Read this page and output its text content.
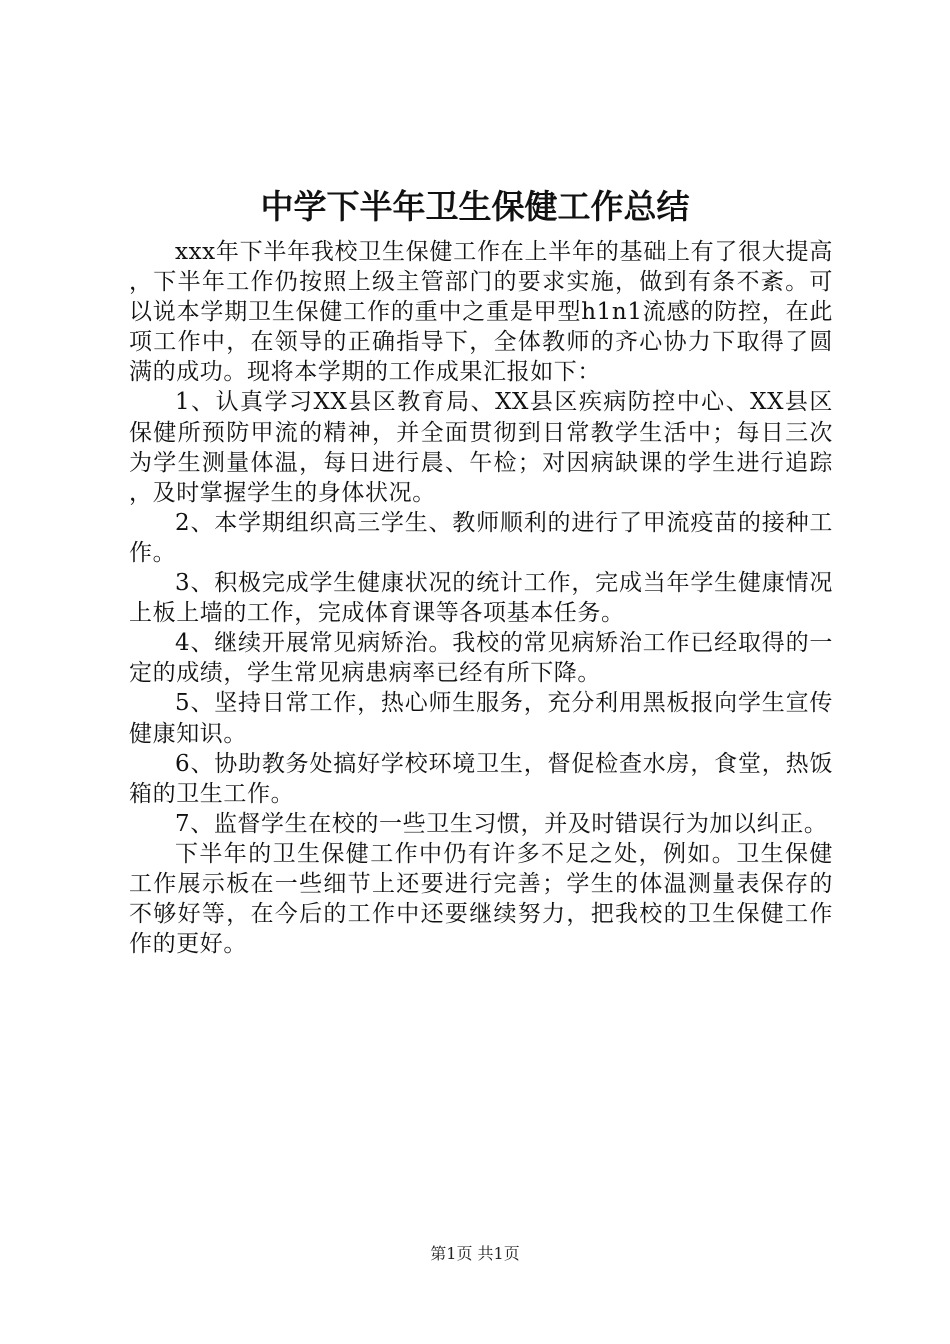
中学下半年卫生保健工作总结

xxx年下半年我校卫生保健工作在上半年的基础上有了很大提高，下半年工作仍按照上级主管部门的要求实施，做到有条不紊。可以说本学期卫生保健工作的重中之重是甲型h1n1流感的防控，在此项工作中，在领导的正确指导下，全体教师的齐心协力下取得了圆满的成功。现将本学期的工作成果汇报如下：

1、认真学习XX县区教育局、XX县区疾病防控中心、XX县区保健所预防甲流的精神，并全面贯彻到日常教学生活中；每日三次为学生测量体温，每日进行晨、午检；对因病缺课的学生进行追踪，及时掌握学生的身体状况。

2、本学期组织高三学生、教师顺利的进行了甲流疫苗的接种工作。

3、积极完成学生健康状况的统计工作，完成当年学生健康情况上板上墙的工作，完成体育课等各项基本任务。

4、继续开展常见病矫治。我校的常见病矫治工作已经取得的一定的成绩，学生常见病患病率已经有所下降。

5、坚持日常工作，热心师生服务，充分利用黑板报向学生宣传健康知识。

6、协助教务处搞好学校环境卫生，督促检查水房，食堂，热饭箱的卫生工作。

7、监督学生在校的一些卫生习惯，并及时错误行为加以纠正。

下半年的卫生保健工作中仍有许多不足之处，例如。卫生保健工作展示板在一些细节上还要进行完善；学生的体温测量表保存的不够好等，在今后的工作中还要继续努力，把我校的卫生保健工作作的更好。

第1页 共1页
